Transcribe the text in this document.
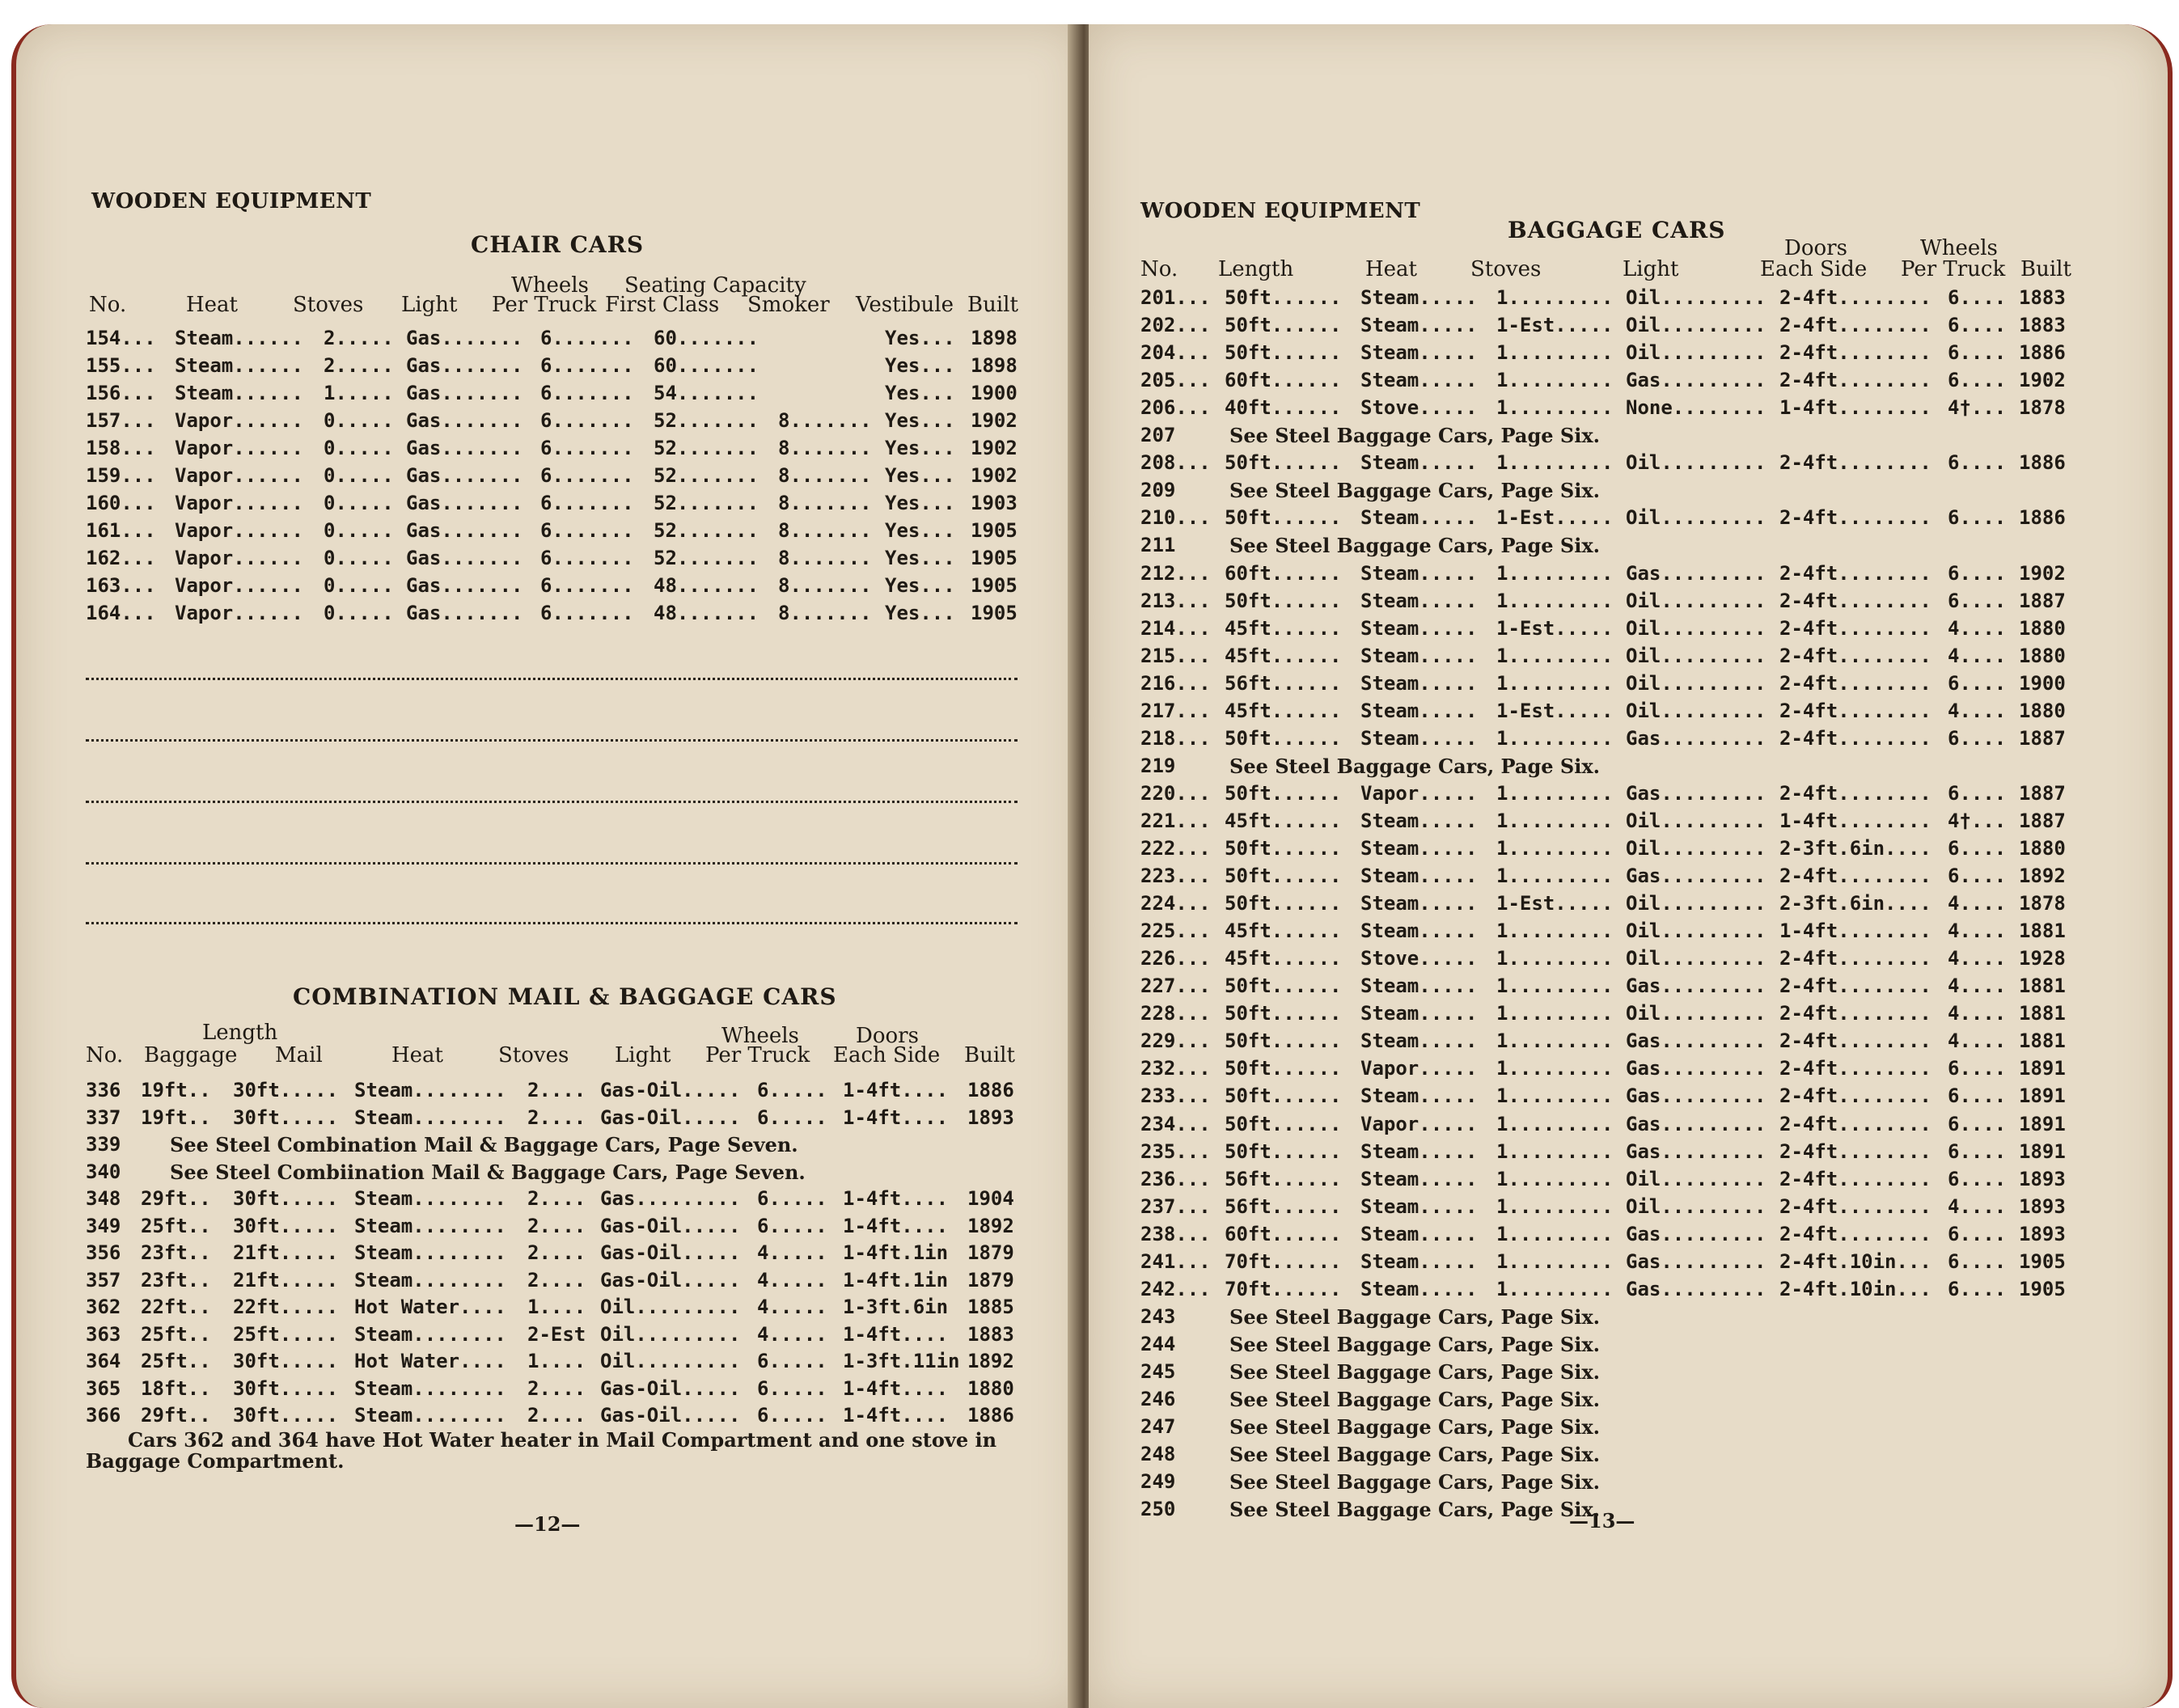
WOODEN EQUIPMENT
CHAIR CARS
Wheels Seating Capacity
No.	Heat	Stoves Light Per Truck First Class Smoker Vestibule Built
154... Steam...... 2..... Gas....... 6....... 60.......	Yes... 1898
155... Steam...... 2..... Gas....... 6....... 60.......	Yes... 1898
156... Steam...... 1..... Gas....... 6....... 54.......	Yes... 1900
157... Vapor...... 0..... Gas....... 6....... 52....... 8....... Yes... 1902
158... Vapor...... 0..... Gas....... 6....... 52....... 8....... Yes... 1902
159... Vapor...... 0..... Gas....... 6....... 52....... 8....... Yes... 1902
160... Vapor...... 0..... Gas....... 6....... 52....... 8....... Yes... 1903
161... Vapor...... 0..... Gas....... 6....... 52....... 8....... Yes... 1905
162... Vapor...... 0..... Gas....... 6....... 52....... 8....... Yes... 1905
163... Vapor...... 0..... Gas....... 6....... 48....... 8....... Yes... 1905
164... Vapor...... 0..... Gas....... 6....... 48....... 8....... Yes... 1905
COMBINATION MAIL & BAGGAGE CARS
Length	Wheels	Doors
No. Baggage Mail	Heat	Stoves Light Per Truck Each Side Built
336 19ft.. 30ft..... Steam........ 2.... Gas-Oil..... 6..... 1-4ft.... 1886
337 19ft.. 30ft..... Steam........ 2.... Gas-Oil..... 6..... 1-4ft.... 1893
339	See Steel Combination Mail & Baggage Cars, Page Seven.
340	See Steel Combiination Mail & Baggage Cars, Page Seven.
348 29ft.. 30ft..... Steam........ 2.... Gas......... 6..... 1-4ft.... 1904
349 25ft.. 30ft..... Steam........ 2.... Gas-Oil..... 6..... 1-4ft.... 1892
356 23ft.. 21ft..... Steam........ 2.... Gas-Oil..... 4..... 1-4ft.1in 1879
357 23ft.. 21ft..... Steam........ 2.... Gas-Oil..... 4..... 1-4ft.1in 1879
362 22ft.. 22ft..... Hot Water.... 1.... Oil......... 4..... 1-3ft.6in 1885
363 25ft.. 25ft..... Steam........ 2-Est Oil......... 4..... 1-4ft.... 1883
364 25ft.. 30ft..... Hot Water.... 1.... Oil......... 6..... 1-3ft.11in 1892
365 18ft.. 30ft..... Steam........ 2.... Gas-Oil..... 6..... 1-4ft.... 1880
366 29ft.. 30ft..... Steam........ 2.... Gas-Oil..... 6..... 1-4ft.... 1886
Cars 362 and 364 have Hot Water heater in Mail Compartment and one stove in
Baggage Compartment.
—12—
WOODEN EQUIPMENT
BAGGAGE CARS
Doors	Wheels
No. Length	Heat	Stoves	Light	Each Side Per Truck Built
201... 50ft...... Steam..... 1......... Oil......... 2-4ft........ 6.... 1883
202... 50ft...... Steam..... 1-Est..... Oil......... 2-4ft........ 6.... 1883
204... 50ft...... Steam..... 1......... Oil......... 2-4ft........ 6.... 1886
205... 60ft...... Steam..... 1......... Gas......... 2-4ft........ 6.... 1902
206... 40ft...... Stove..... 1......... None........ 1-4ft........ 4†... 1878
207	See Steel Baggage Cars, Page Six.
208... 50ft...... Steam..... 1......... Oil......... 2-4ft........ 6.... 1886
209	See Steel Baggage Cars, Page Six.
210... 50ft...... Steam..... 1-Est..... Oil......... 2-4ft........ 6.... 1886
211	See Steel Baggage Cars, Page Six.
212... 60ft...... Steam..... 1......... Gas......... 2-4ft........ 6.... 1902
213... 50ft...... Steam..... 1......... Oil......... 2-4ft........ 6.... 1887
214... 45ft...... Steam..... 1-Est..... Oil......... 2-4ft........ 4.... 1880
215... 45ft...... Steam..... 1......... Oil......... 2-4ft........ 4.... 1880
216... 56ft...... Steam..... 1......... Oil......... 2-4ft........ 6.... 1900
217... 45ft...... Steam..... 1-Est..... Oil......... 2-4ft........ 4.... 1880
218... 50ft...... Steam..... 1......... Gas......... 2-4ft........ 6.... 1887
219	See Steel Baggage Cars, Page Six.
220... 50ft...... Vapor..... 1......... Gas......... 2-4ft........ 6.... 1887
221... 45ft...... Steam..... 1......... Oil......... 1-4ft........ 4†... 1887
222... 50ft...... Steam..... 1......... Oil......... 2-3ft.6in.... 6.... 1880
223... 50ft...... Steam..... 1......... Gas......... 2-4ft........ 6.... 1892
224... 50ft...... Steam..... 1-Est..... Oil......... 2-3ft.6in.... 4.... 1878
225... 45ft...... Steam..... 1......... Oil......... 1-4ft........ 4.... 1881
226... 45ft...... Stove..... 1......... Oil......... 2-4ft........ 4.... 1928
227... 50ft...... Steam..... 1......... Gas......... 2-4ft........ 4.... 1881
228... 50ft...... Steam..... 1......... Oil......... 2-4ft........ 4.... 1881
229... 50ft...... Steam..... 1......... Gas......... 2-4ft........ 4.... 1881
232... 50ft...... Vapor..... 1......... Gas......... 2-4ft........ 6.... 1891
233... 50ft...... Steam..... 1......... Gas......... 2-4ft........ 6.... 1891
234... 50ft...... Vapor..... 1......... Gas......... 2-4ft........ 6.... 1891
235... 50ft...... Steam..... 1......... Gas......... 2-4ft........ 6.... 1891
236... 56ft...... Steam..... 1......... Oil......... 2-4ft........ 6.... 1893
237... 56ft...... Steam..... 1......... Oil......... 2-4ft........ 4.... 1893
238... 60ft...... Steam..... 1......... Gas......... 2-4ft........ 6.... 1893
241... 70ft...... Steam..... 1......... Gas......... 2-4ft.10in... 6.... 1905
242... 70ft...... Steam..... 1......... Gas......... 2-4ft.10in... 6.... 1905
243	See Steel Baggage Cars, Page Six.
244	See Steel Baggage Cars, Page Six.
245	See Steel Baggage Cars, Page Six.
246	See Steel Baggage Cars, Page Six.
247	See Steel Baggage Cars, Page Six.
248	See Steel Baggage Cars, Page Six.
249	See Steel Baggage Cars, Page Six.
250	See Steel Baggage Cars, Page Six.
—13—
